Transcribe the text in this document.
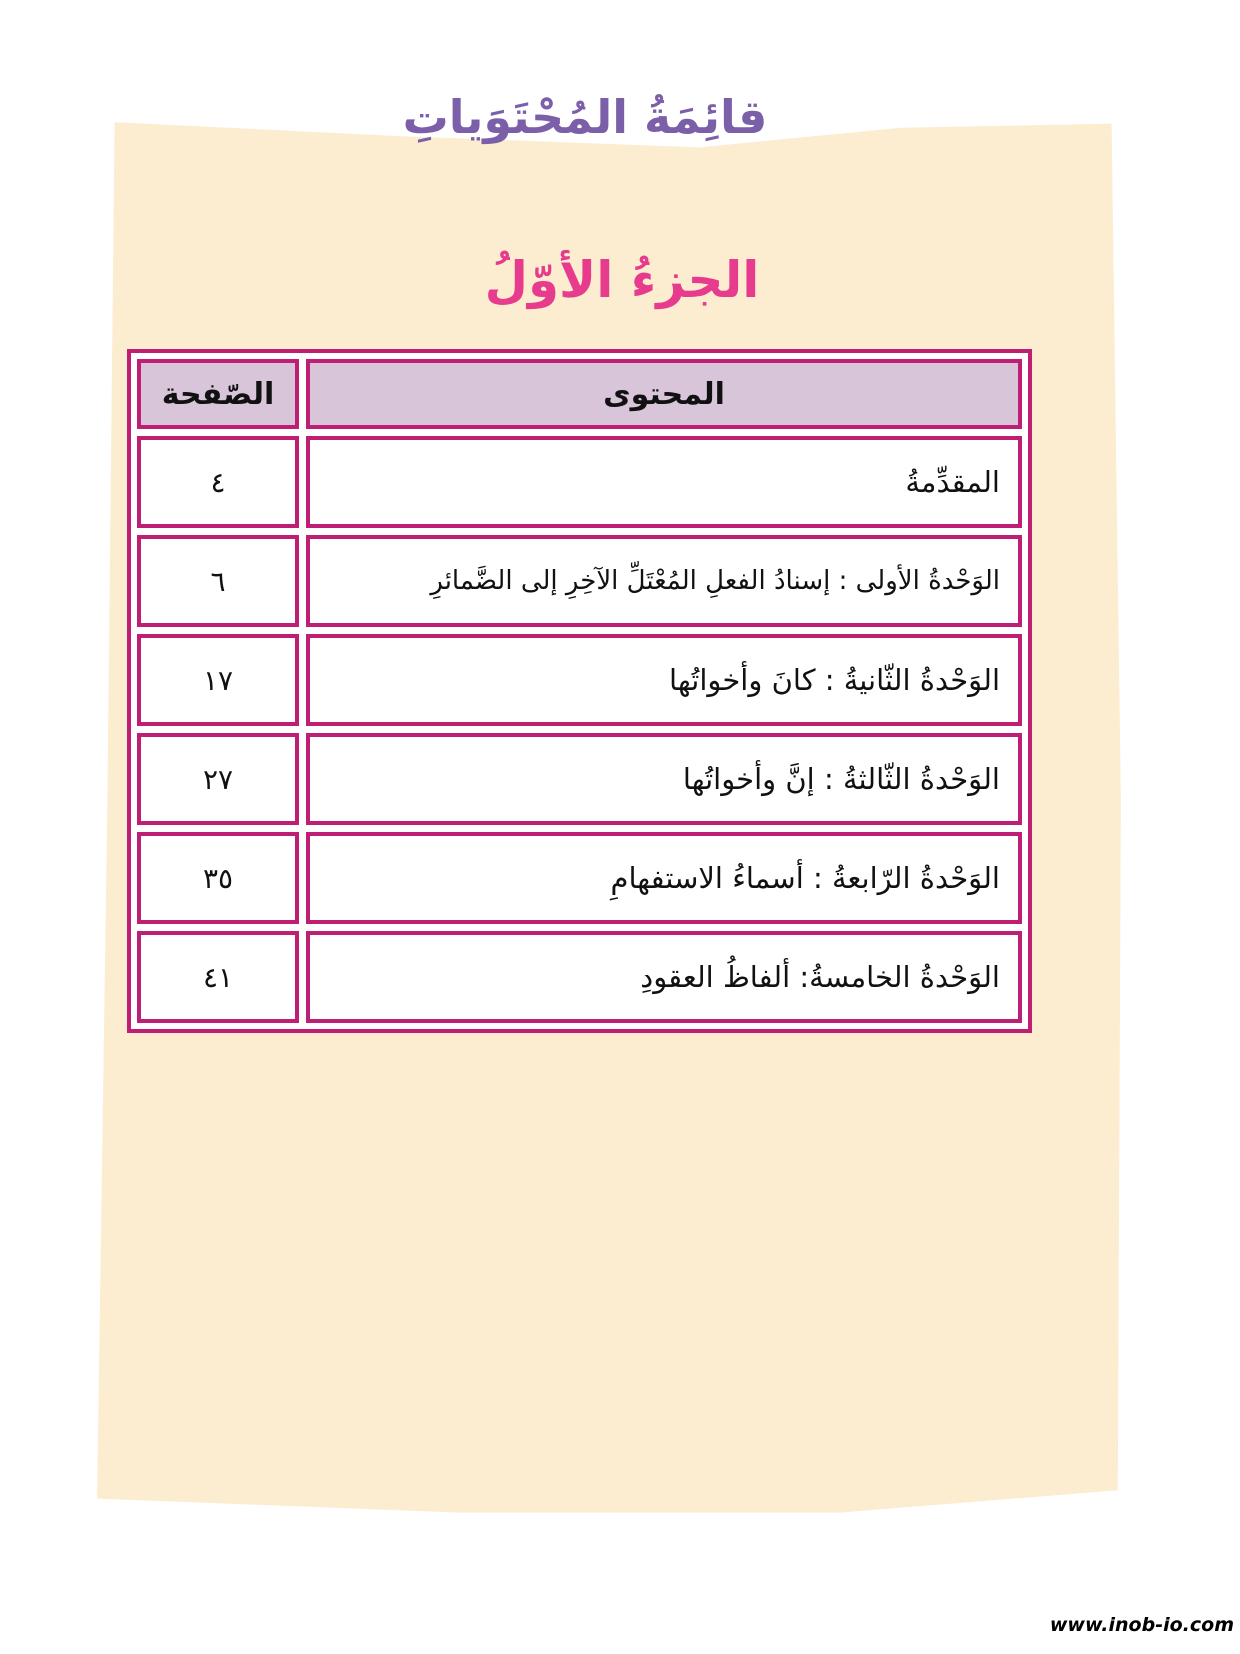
قائِمَةُ المُحْتَوَياتِ
الجزءُ الأوّلُ
المحتوى
الصّفحة
المقدِّمةُ
٤
الوَحْدةُ الأولى : إسنادُ الفعلِ المُعْتَلِّ الآخِرِ إلى الضَّمائرِ
٦
الوَحْدةُ الثّانيةُ : كانَ وأخواتُها
١٧
الوَحْدةُ الثّالثةُ : إنَّ وأخواتُها
٢٧
الوَحْدةُ الرّابعةُ : أسماءُ الاستفهامِ
٣٥
الوَحْدةُ الخامسةُ: ألفاظُ العقودِ
٤١
www.inob-io.com
